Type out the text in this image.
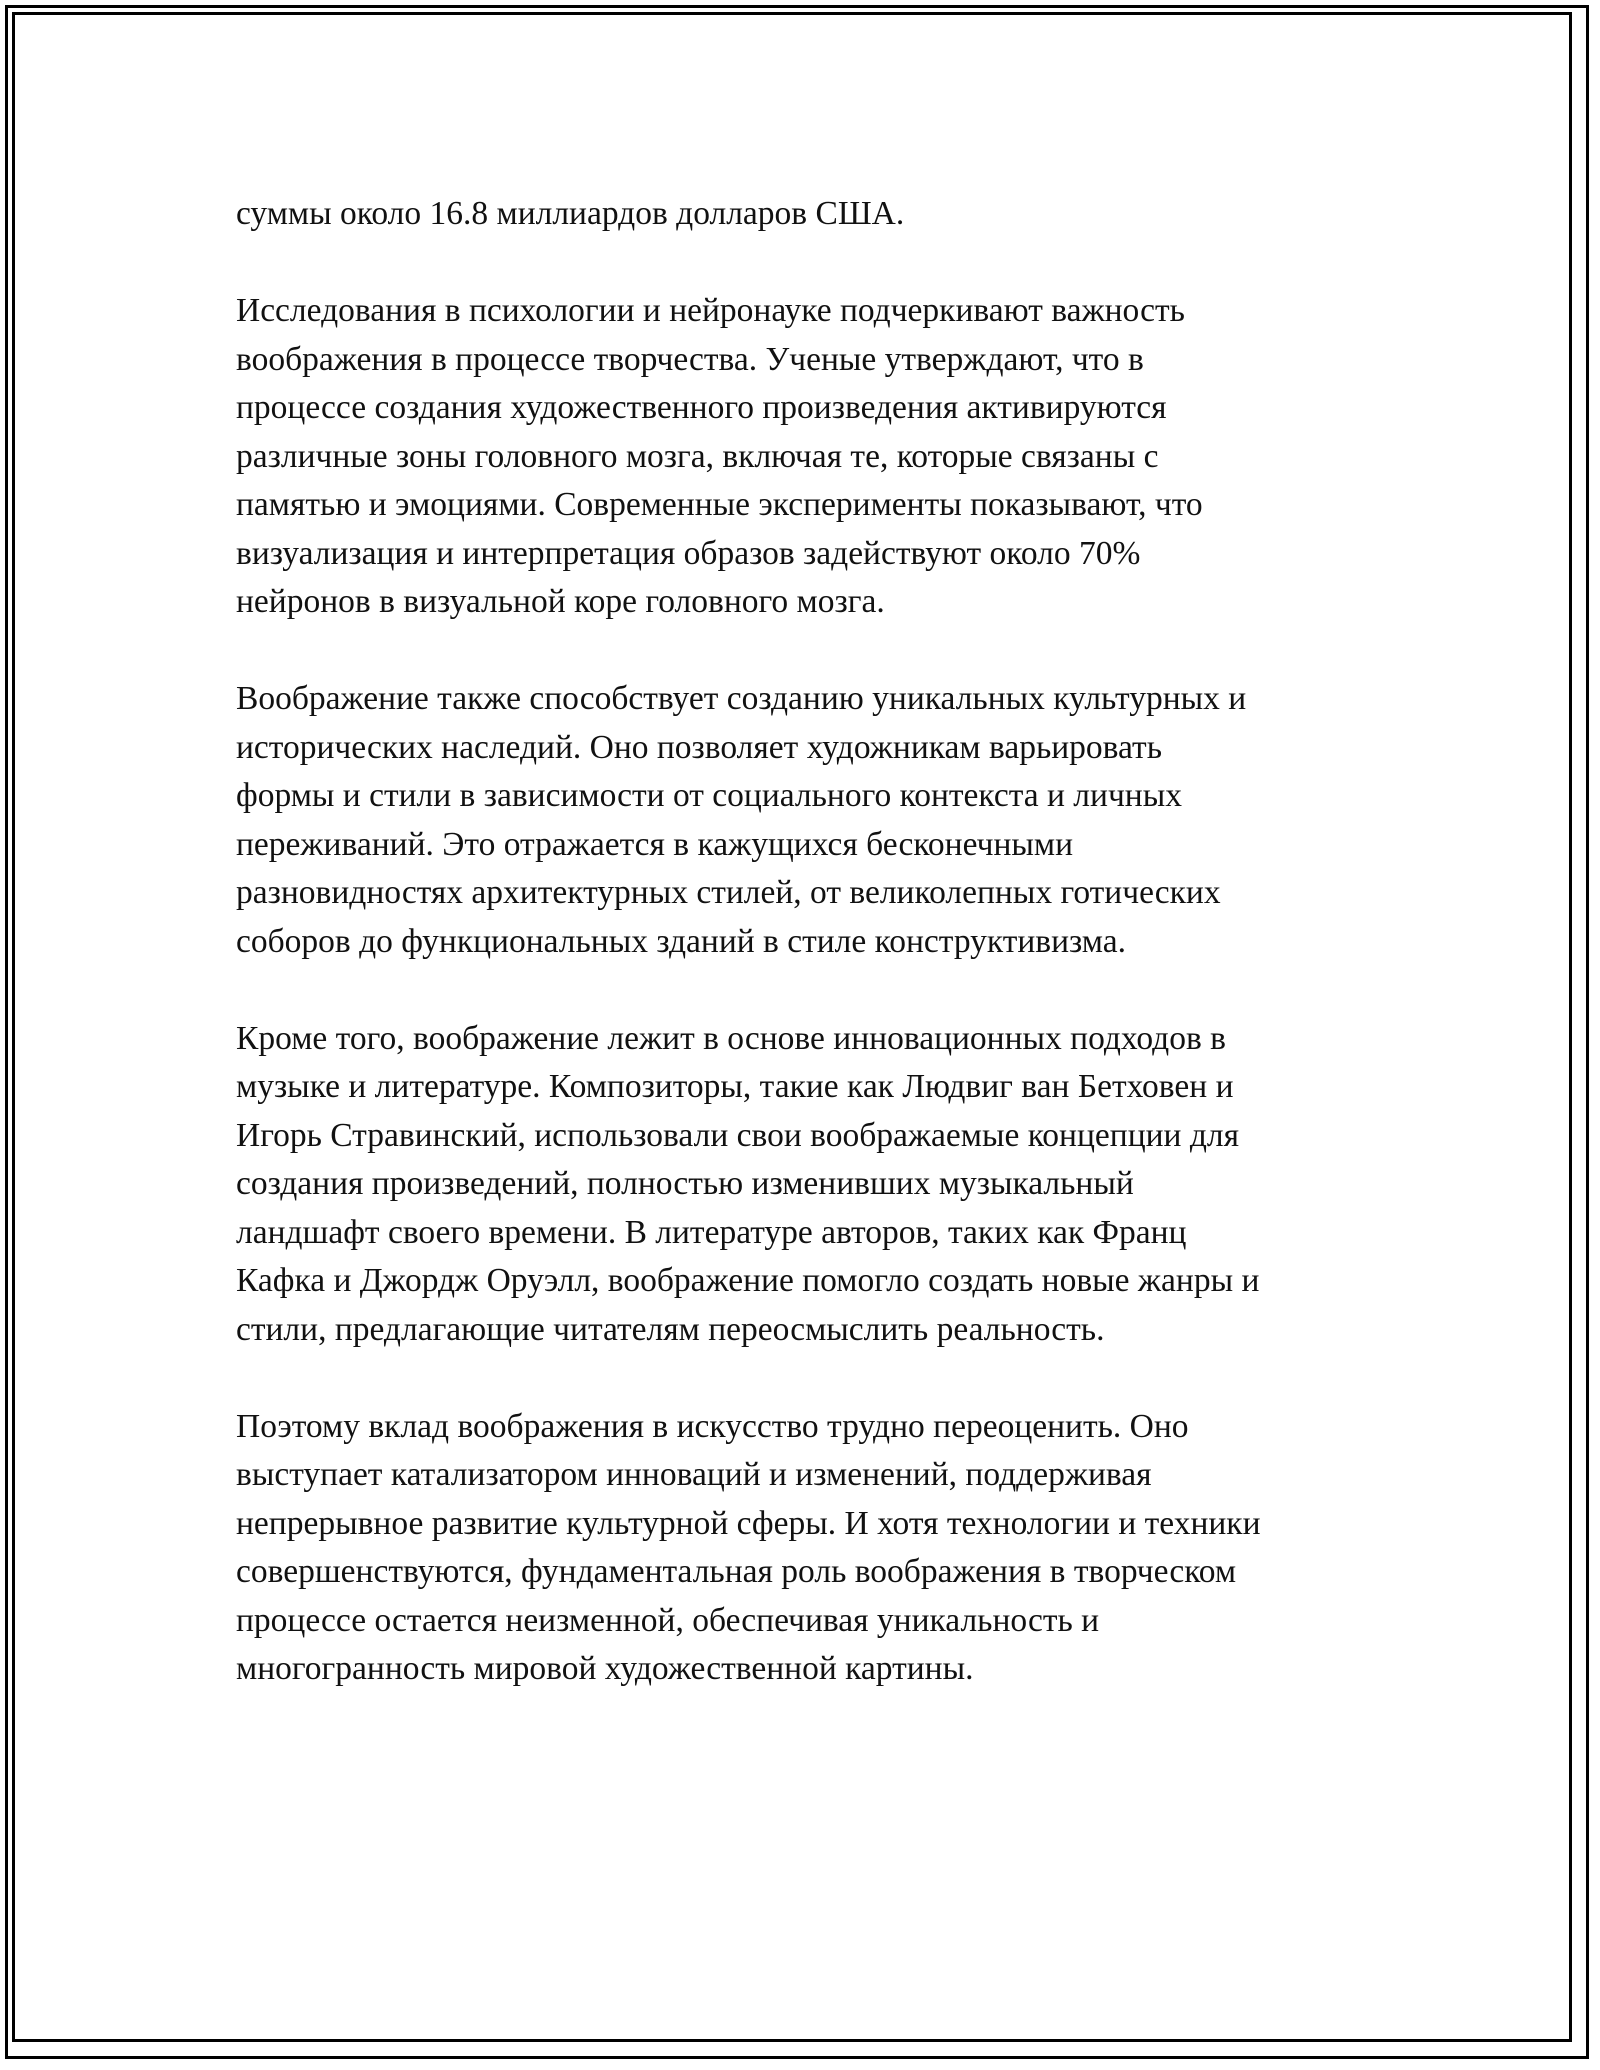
суммы около 16.8 миллиардов долларов США.

Исследования в психологии и нейронауке подчеркивают важность
воображения в процессе творчества. Ученые утверждают, что в
процессе создания художественного произведения активируются
различные зоны головного мозга, включая те, которые связаны с
памятью и эмоциями. Современные эксперименты показывают, что
визуализация и интерпретация образов задействуют около 70%
нейронов в визуальной коре головного мозга.

Воображение также способствует созданию уникальных культурных и
исторических наследий. Оно позволяет художникам варьировать
формы и стили в зависимости от социального контекста и личных
переживаний. Это отражается в кажущихся бесконечными
разновидностях архитектурных стилей, от великолепных готических
соборов до функциональных зданий в стиле конструктивизма.

Кроме того, воображение лежит в основе инновационных подходов в
музыке и литературе. Композиторы, такие как Людвиг ван Бетховен и
Игорь Стравинский, использовали свои воображаемые концепции для
создания произведений, полностью изменивших музыкальный
ландшафт своего времени. В литературе авторов, таких как Франц
Кафка и Джордж Оруэлл, воображение помогло создать новые жанры и
стили, предлагающие читателям переосмыслить реальность.

Поэтому вклад воображения в искусство трудно переоценить. Оно
выступает катализатором инноваций и изменений, поддерживая
непрерывное развитие культурной сферы. И хотя технологии и техники
совершенствуются, фундаментальная роль воображения в творческом
процессе остается неизменной, обеспечивая уникальность и
многогранность мировой художественной картины.
